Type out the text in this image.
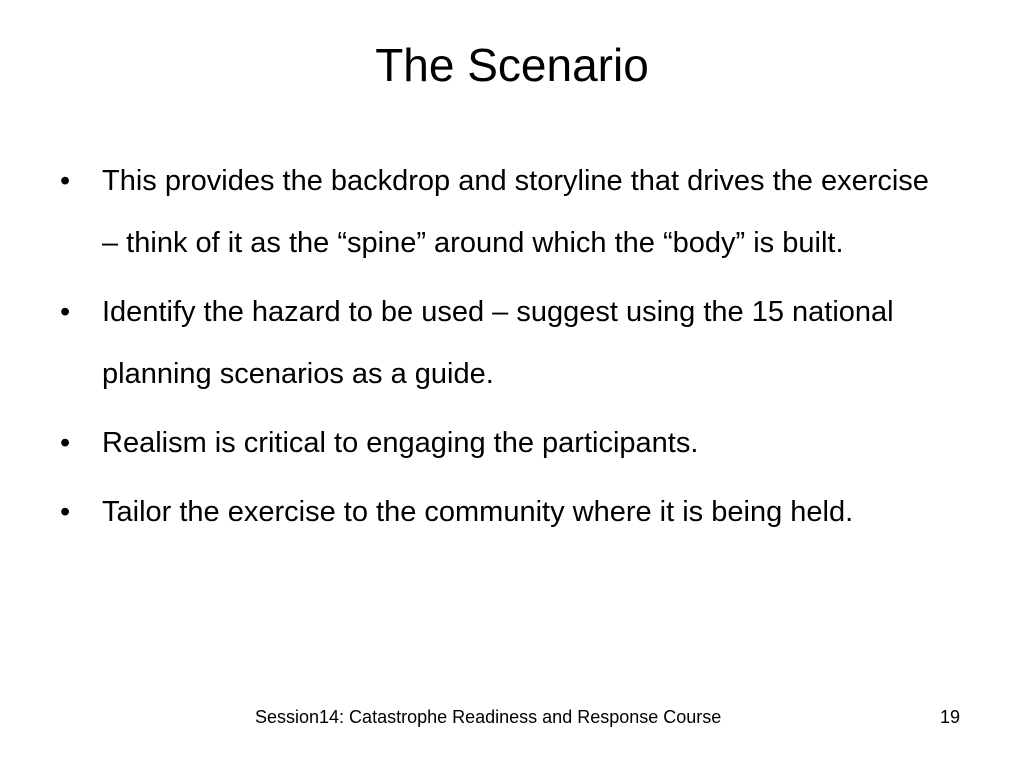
The Scenario
•	This provides the backdrop and storyline that drives the exercise – think of it as the “spine” around which the “body” is built.
•	Identify the hazard to be used – suggest using the 15 national planning scenarios as a guide.
•	Realism is critical to engaging the participants.
•	Tailor the exercise to the community where it is being held.
Session14: Catastrophe Readiness and Response Course	19
